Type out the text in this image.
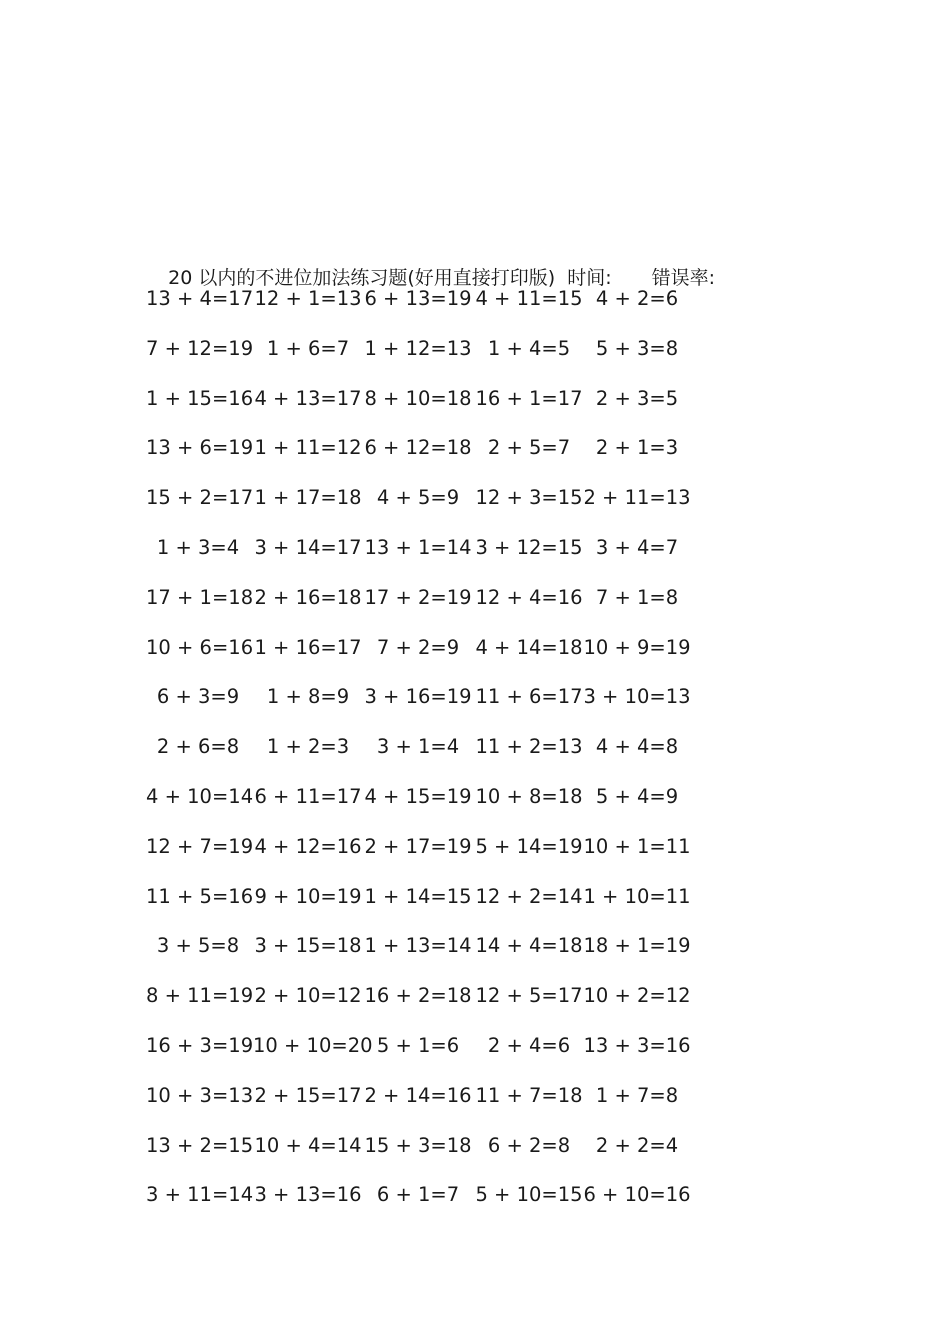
20 以内的不进位加法练习题(好用直接打印版) 时间: 错误率:

13 + 4=17 12 + 1=13 6 + 13=19 4 + 11=15 4 + 2=6
7 + 12=19 1 + 6=7 1 + 12=13 1 + 4=5	5 + 3=8
1 + 15=16 4 + 13=17 8 + 10=18 16 + 1=17 2 + 3=5
13 + 6=19 1 + 11=12 6 + 12=18 2 + 5=7	2 + 1=3
15 + 2=17 1 + 17=18 4 + 5=9 12 + 3=15 2 + 11=13
1 + 3=4 3 + 14=17 13 + 1=14 3 + 12=15 3 + 4=7
17 + 1=18 2 + 16=18 17 + 2=19 12 + 4=16 7 + 1=8
10 + 6=16 1 + 16=17 7 + 2=9 4 + 14=18 10 + 9=19
6 + 3=9	1 + 8=9 3 + 16=19 11 + 6=17 3 + 10=13
2 + 6=8	1 + 2=3	3 + 1=4 11 + 2=13 4 + 4=8
4 + 10=14 6 + 11=17 4 + 15=19 10 + 8=18 5 + 4=9
12 + 7=19 4 + 12=16 2 + 17=19 5 + 14=19 10 + 1=11
11 + 5=16 9 + 10=19 1 + 14=15 12 + 2=14 1 + 10=11
3 + 5=8 3 + 15=18 1 + 13=14 14 + 4=18 18 + 1=19
8 + 11=19 2 + 10=12 16 + 2=18 12 + 5=17 10 + 2=12
16 + 3=19 10 + 10=20 5 + 1=6	2 + 4=6 13 + 3=16
10 + 3=13 2 + 15=17 2 + 14=16 11 + 7=18 1 + 7=8
13 + 2=15 10 + 4=14 15 + 3=18 6 + 2=8	2 + 2=4
3 + 11=14 3 + 13=16 6 + 1=7 5 + 10=15 6 + 10=16
